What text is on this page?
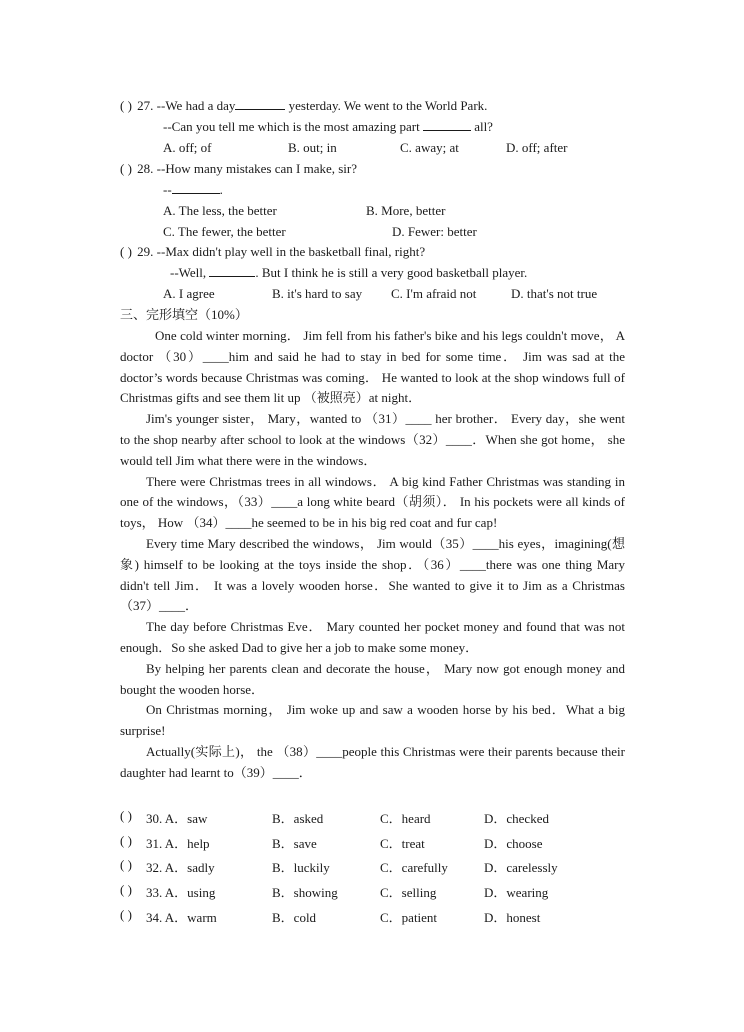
( ) 27. --We had a day	yesterday. We went to the World Park.
--Can you tell me which is the most amazing part	all?
A. off; of	B. out; in	C. away; at	D. off; after
( ) 28. --How many mistakes can I make, sir?
--	.
A. The less, the better	B. More, better
C. The fewer, the better	D. Fewer: better
( ) 29. --Max didn't play well in the basketball final, right?
--Well,	. But I think he is still a very good basketball player.
A. I agree	B. it's hard to say C. I'm afraid not	D. that's not true
三、完形填空（10%）
One cold winter morning． Jim fell from his father's bike and his legs couldn't move， A doctor （30）____him and said he had to stay in bed for some time． Jim was sad at the doctor’s words because Christmas was coming． He wanted to look at the shop windows full of Christmas gifts and see them lit up （被照亮）at night．
Jim's younger sister， Mary，wanted to （31）____ her brother． Every day，she went to the shop nearby after school to look at the windows（32）____．When she got home， she would tell Jim what there were in the windows．
There were Christmas trees in all windows． A big kind Father Christmas was standing in one of the windows，（33）____a long white beard（胡须）． In his pockets were all kinds of toys， How （34）____he seemed to be in his big red coat and fur cap!
Every time Mary described the windows， Jim would（35）____his eyes，imagining(想象) himself to be looking at the toys inside the shop．（36）____there was one thing Mary didn't tell Jim． It was a lovely wooden horse．She wanted to give it to Jim as a Christmas （37）____．
The day before Christmas Eve． Mary counted her pocket money and found that was not enough．So she asked Dad to give her a job to make some money．
By helping her parents clean and decorate the house， Mary now got enough money and bought the wooden horse．
On Christmas morning， Jim woke up and saw a wooden horse by his bed．What a big surprise!
Actually(实际上)， the （38）____people this Christmas were their parents because their daughter had learnt to（39）____．
( ) 30. A．saw	B．asked	C．heard	D．checked
( ) 31. A．help	B．save	C．treat	D．choose
( ) 32. A．sadly	B．luckily	C．carefully	D．carelessly
( ) 33. A．using	B．showing	C．selling	D．wearing
( ) 34. A．warm	B．cold	C．patient	D．honest
